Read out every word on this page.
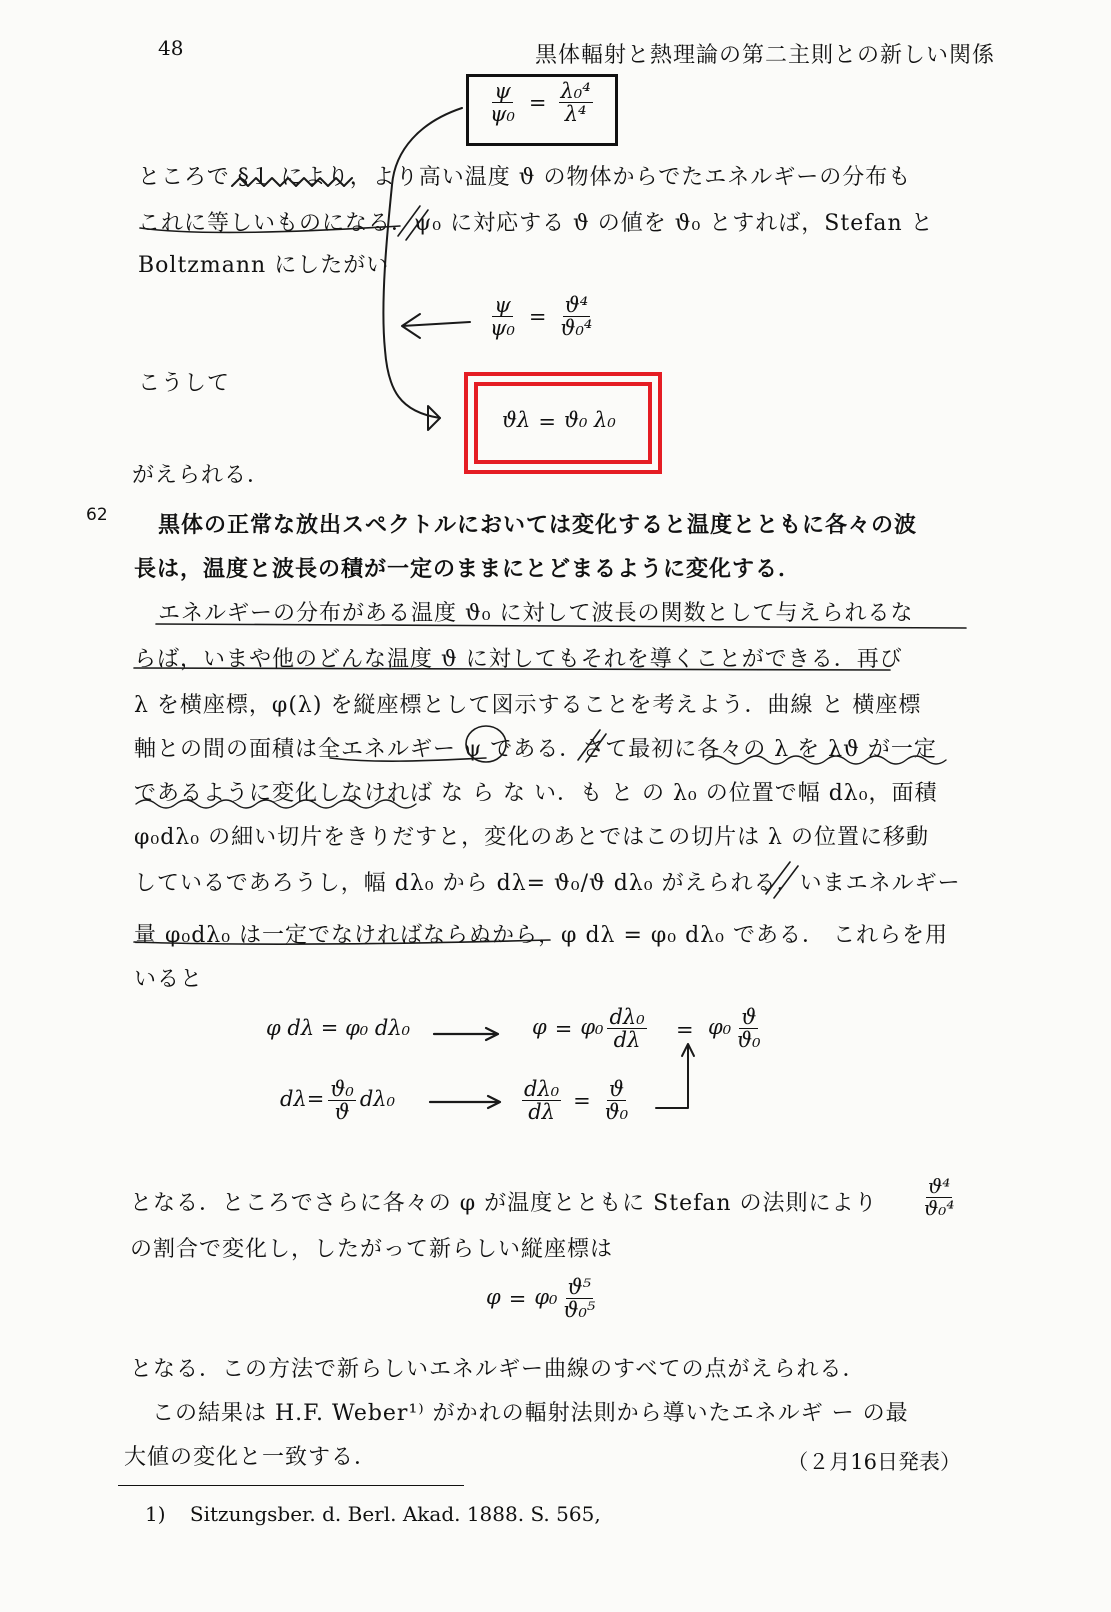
48	黒体輻射と熱理論の第二主則との新しい関係
$\frac{\psi}{\text{ψ₀}} = \frac{\text{λ₀⁴}}{\text{λ⁴}}$
ところで §１ により，より高い温度 ϑ の物体からでたエネルギーの分布も
これに等しいものになる．ψ₀ に対応する ϑ の値を ϑ₀ とすれば，Stefan と
Boltzmann にしたがい
$\frac{\psi}{\text{ψ₀}} = \frac{\text{ϑ⁴}}{\text{ϑ₀⁴}}$
こうして
ϑλ = ϑ₀ λ₀
がえられる．
62 黒体の正常な放出スペクトルにおいては変化すると温度とともに各々の波
長は，温度と波長の積が一定のままにとどまるように変化する．
エネルギーの分布がある温度 ϑ₀ に対して波長の関数として与えられるな
らば，いまや他のどんな温度 ϑ に対してもそれを導くことができる．再び
λ を横座標，φ(λ) を縦座標として図示することを考えよう．曲線 と 横座標
軸との間の面積は全エネルギー ψ である．さて最初に各々の λ を λϑ が一定
であるように変化しなければ な ら な い．も と の λ₀ の位置で幅 dλ₀，面積
φ₀dλ₀ の細い切片をきりだすと，変化のあとではこの切片は λ の位置に移動
しているであろうし，幅 dλ₀ から dλ= ϑ₀/ϑ dλ₀ がえられる．いまエネルギー
量 φ₀dλ₀ は一定でなければならぬから，φ dλ = φ₀ dλ₀ である． これらを用
いると
φ dλ = φ₀ dλ₀	$\varphi = \varphi_0 \frac{\text{dλ₀}}{d\lambda} = \varphi_0 \frac{ϑ}{\text{ϑ₀}}$
$d\lambda= \frac{\text{ϑ₀}}{ϑ} d\lambda_0$	$\frac{\text{dλ₀}}{d\lambda} = \frac{ϑ}{\text{ϑ₀}}$
となる．ところでさらに各々の φ が温度とともに Stefan の法則により $\frac{\text{ϑ⁴}}{\text{ϑ₀⁴}}$
の割合で変化し，したがって新らしい縦座標は
$\varphi = \varphi_0 \frac{\text{ϑ⁵}}{\text{ϑ₀⁵}}$
となる．この方法で新らしいエネルギー曲線のすべての点がえられる．
この結果は H.F. Weber¹⁾ がかれの輻射法則から導いたエネルギ ー の最
大値の変化と一致する．	（２月16日発表）
1) Sitzungsber. d. Berl. Akad. 1888. S. 565,
